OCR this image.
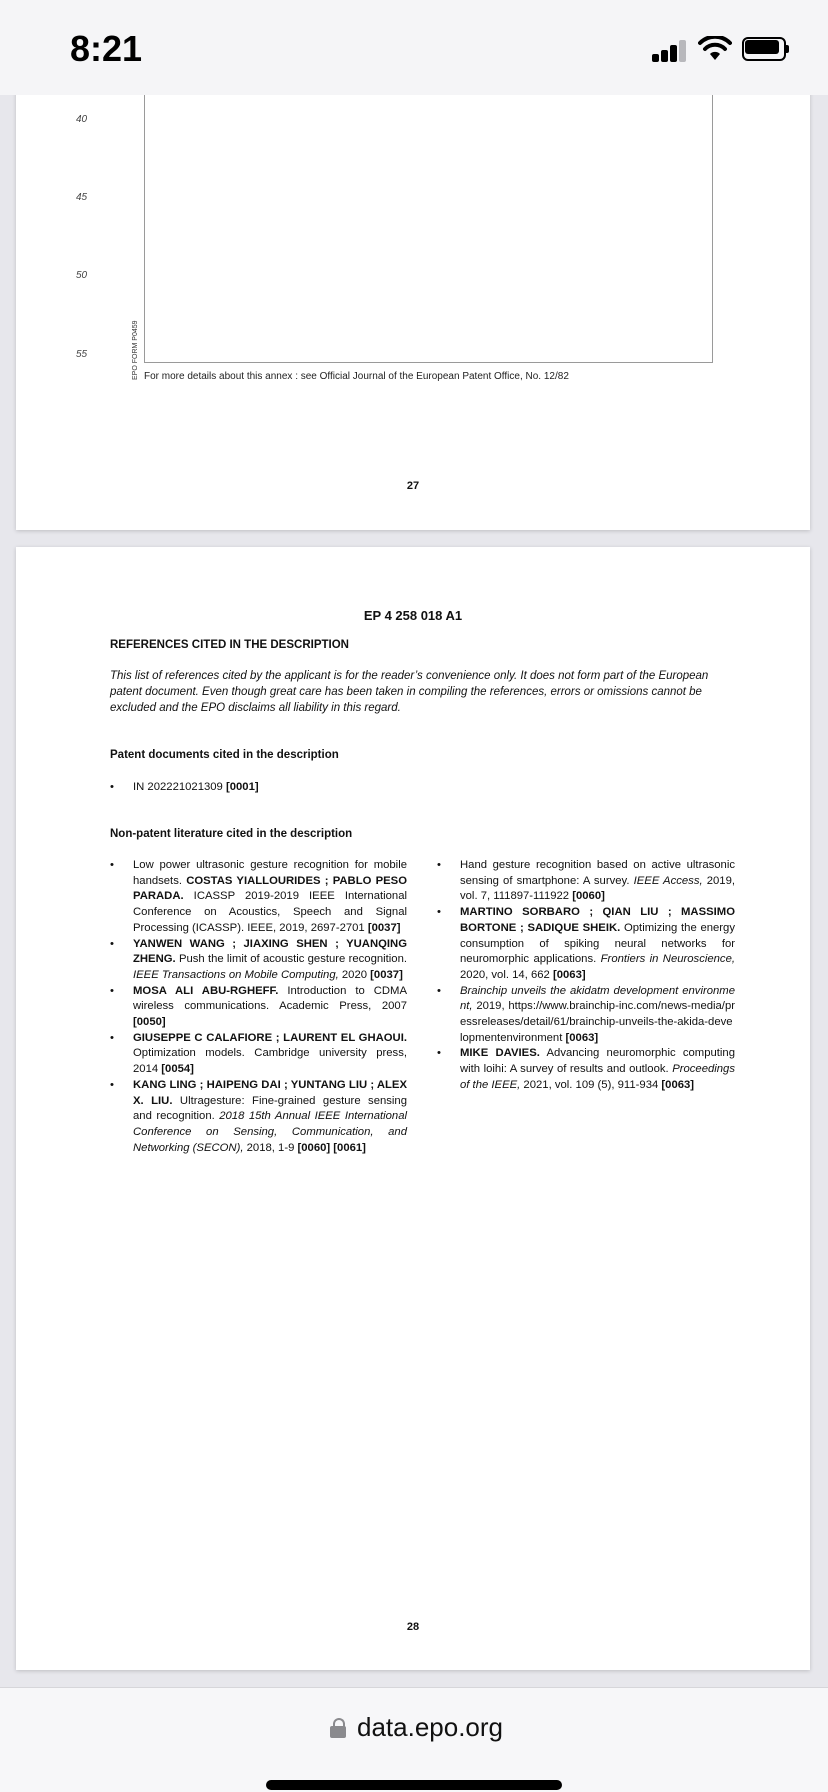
8:21
40
45
50
55	EPO FORM P0459 For more details about this annex : see Official Journal of the European Patent Office, No. 12/82
27
EP 4 258 018 A1
REFERENCES CITED IN THE DESCRIPTION
This list of references cited by the applicant is for the reader’s convenience only. It does not form part of the European patent document. Even though great care has been taken in compiling the references, errors or omissions cannot be excluded and the EPO disclaims all liability in this regard.
Patent documents cited in the description
• IN 202221021309 [0001]
Non-patent literature cited in the description
• Low power ultrasonic gesture recognition for mobile handsets. COSTAS YIALLOURIDES ; PABLO PESO PARADA. ICASSP 2019-2019 IEEE International Conference on Acoustics, Speech and Signal Processing (ICASSP). IEEE, 2019, 2697-2701 [0037]
• YANWEN WANG ; JIAXING SHEN ; YUANQING ZHENG. Push the limit of acoustic gesture recognition. IEEE Transactions on Mobile Computing, 2020 [0037]
• MOSA ALI ABU-RGHEFF. Introduction to CDMA wireless communications. Academic Press, 2007 [0050]
• GIUSEPPE C CALAFIORE ; LAURENT EL GHAOUI. Optimization models. Cambridge university press, 2014 [0054]
• KANG LING ; HAIPENG DAI ; YUNTANG LIU ; ALEX X. LIU. Ultragesture: Fine-grained gesture sensing and recognition. 2018 15th Annual IEEE International Conference on Sensing, Communication, and Networking (SECON), 2018, 1-9 [0060] [0061]
• Hand gesture recognition based on active ultrasonic sensing of smartphone: A survey. IEEE Access, 2019, vol. 7, 111897-111922 [0060]
• MARTINO SORBARO ; QIAN LIU ; MASSIMO BORTONE ; SADIQUE SHEIK. Optimizing the energy consumption of spiking neural networks for neuromorphic applications. Frontiers in Neuroscience, 2020, vol. 14, 662 [0063]
• Brainchip unveils the akidatm development environment, 2019, https://www.brainchip-inc.com/news-media/pressreleases/detail/61/brainchip-unveils-the-akida-developmentenvironment [0063]
• MIKE DAVIES. Advancing neuromorphic computing with loihi: A survey of results and outlook. Proceedings of the IEEE, 2021, vol. 109 (5), 911-934 [0063]
28
data.epo.org
